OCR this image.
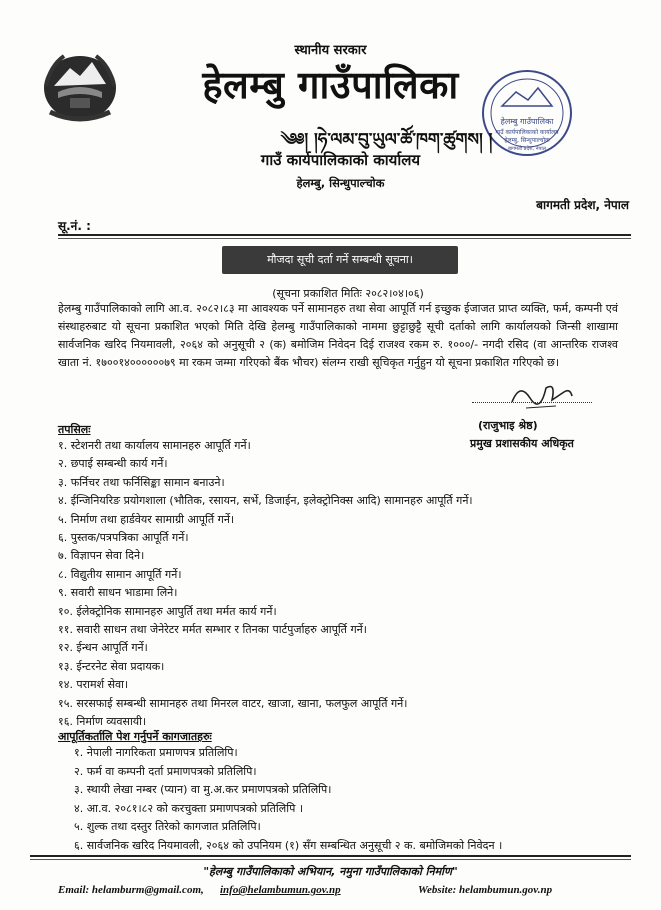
हेलम्बु गाउँपालिका
गाउँ कार्यपालिकाको कार्यालय
हेलम्बु, सिन्धुपाल्चोक
बागमती प्रदेश, नेपाल
स्थानीय सरकार
हेलम्बु गाउँपालिका
༄༅། །ཧེ་ལམ་བུ་ཡུལ་ཚོ་ཁག་ཚུགས། །
गाउँ कार्यपालिकाको कार्यालय
हेलम्बु, सिन्धुपाल्चोक
बागमती प्रदेश, नेपाल
सू.नं. :
मौजदा सूची दर्ता गर्ने सम्बन्धी सूचना।
(सूचना प्रकाशित मितिः २०८२।०४।०६)
हेलम्बु गाउँपालिकाको लागि आ.व. २०८२।८३ मा आवश्यक पर्ने सामानहरु तथा सेवा आपूर्ति गर्न इच्छुक ईजाजत प्राप्त व्यक्ति, फर्म, कम्पनी एवं संस्थाहरुबाट यो सूचना प्रकाशित भएको मिति देखि हेलम्बु गाउँपालिकाको नाममा छुट्टाछुट्टै सूची दर्ताको लागि कार्यालयको जिन्सी शाखामा सार्वजनिक खरिद नियमावली, २०६४ को अनुसूची २ (क) बमोजिम निवेदन दिई राजश्व रकम रु. १०००/- नगदी रसिद (वा आन्तरिक राजश्व खाता नं. १७००१४००००००७९ मा रकम जम्मा गरिएको बैंक भौचर) संलग्न राखी सूचिकृत गर्नुहुन यो सूचना प्रकाशित गरिएको छ।
(राजुभाइ श्रेष्ठ)
प्रमुख प्रशासकीय अधिकृत
तपसिलः
१. स्टेशनरी तथा कार्यालय सामानहरु आपूर्ति गर्ने।
२. छपाई सम्बन्धी कार्य गर्ने।
३. फर्निचर तथा फर्निसिङ्का सामान बनाउने।
४. ईन्जिनियरिङ प्रयोगशाला (भौतिक, रसायन, सर्भे, डिजाईन, इलेक्ट्रोनिक्स आदि) सामानहरु आपूर्ति गर्ने।
५. निर्माण तथा हार्डवेयर सामाग्री आपूर्ति गर्ने।
६. पुस्तक/पत्रपत्रिका आपूर्ति गर्ने।
७. विज्ञापन सेवा दिने।
८. विद्युतीय सामान आपूर्ति गर्ने।
९. सवारी साधन भाडामा लिने।
१०. ईलेक्ट्रोनिक सामानहरु आपुर्ति तथा मर्मत कार्य गर्ने।
११. सवारी साधन तथा जेनेरेटर मर्मत सम्भार र तिनका पार्टपुर्जाहरु आपूर्ति गर्ने।
१२. ईन्धन आपूर्ति गर्ने।
१३. ईन्टरनेट सेवा प्रदायक।
१४. परामर्श सेवा।
१५. सरसफाई सम्बन्धी सामानहरु तथा मिनरल वाटर, खाजा, खाना, फलफुल आपूर्ति गर्ने।
१६. निर्माण व्यवसायी।
आपूर्तिकर्तालि पेश गर्नुपर्ने कागजातहरुः
१. नेपाली नागरिकता प्रमाणपत्र प्रतिलिपि।
२. फर्म वा कम्पनी दर्ता प्रमाणपत्रको प्रतिलिपि।
३. स्थायी लेखा नम्बर (प्यान) वा मु.अ.कर प्रमाणपत्रको प्रतिलिपि।
४. आ.व. २०८१।८२ को करचुक्ता प्रमाणपत्रको प्रतिलिपि ।
५. शुल्क तथा दस्तुर तिरेको कागजात प्रतिलिपि।
६. सार्वजनिक खरिद नियमावली, २०६४ को उपनियम (१) सँग सम्बन्धित अनुसूची २ क. बमोजिमको निवेदन ।
"हेलम्बु गाउँपालिकाको अभियान, नमुना गाउँपालिकाको निर्माण"
Email: helamburm@gmail.com, info@helambumun.gov.np	Website: helambumun.gov.np
